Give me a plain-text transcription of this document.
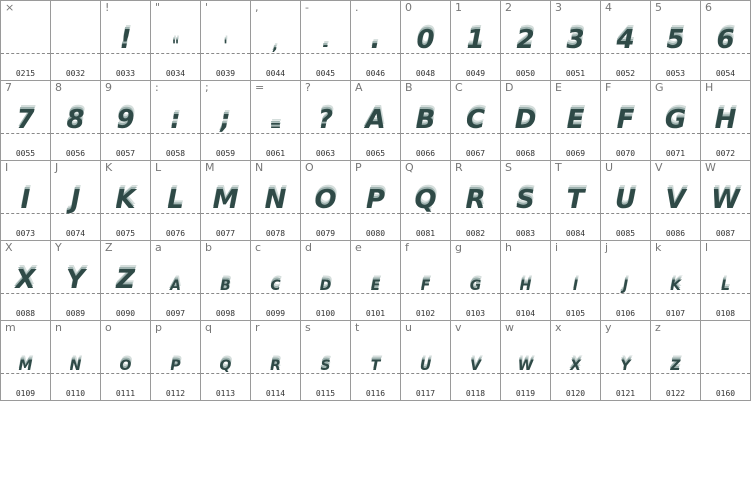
×
0215	0032
!
!
0033
"
"
0034
'
'
0039
,
,
0044
-
-
0045
.
.
0046
0
0
0048
1
1
0049
2
2
0050
3
3
0051
4
4
0052
5
5
0053
6
6
0054
7
7
0055
8
8
0056
9
9
0057
:
:
0058
;
;
0059
=
=
0061
?
?
0063
A
A
0065
B
B
0066
C
C
0067
D
D
0068
E
E
0069
F
F
0070
G
G
0071
H
H
0072
I
I
0073
J
J
0074
K
K
0075
L
L
0076
M
M
0077
N
N
0078
O
O
0079
P
P
0080
Q
Q
0081
R
R
0082
S
S
0083
T
T
0084
U
U
0085
V
V
0086
W
W
0087
X
X
0088
Y
Y
0089
Z
Z
0090
a
A
0097
b
B
0098
c
C
0099
d
D
0100
e
E
0101
f
F
0102
g
G
0103
h
H
0104
i
I
0105
j
J
0106
k
K
0107
l
L
0108
m
M
0109
n
N
0110
o
O
0111
p
P
0112
q
Q
0113
r
R
0114
s
S
0115
t
T
0116
u
U
0117
v
V
0118
w
W
0119
x
X
0120
y
Y
0121
z
Z
0122	0160
